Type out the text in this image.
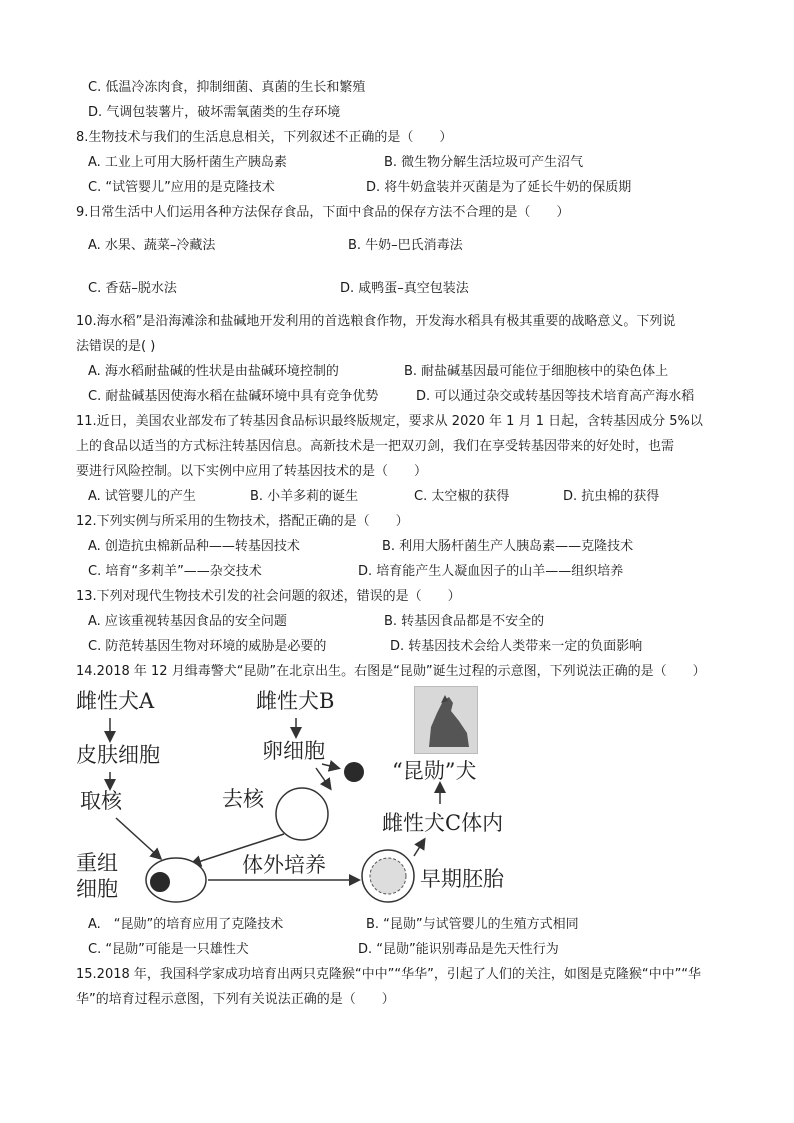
C. 低温冷冻肉食，抑制细菌、真菌的生长和繁殖
D. 气调包装薯片，破坏需氧菌类的生存环境
8.生物技术与我们的生活息息相关，下列叙述不正确的是（　　）
A. 工业上可用大肠杆菌生产胰岛素	B. 微生物分解生活垃圾可产生沼气
C. “试管婴儿”应用的是克隆技术	D. 将牛奶盒装并灭菌是为了延长牛奶的保质期
9.日常生活中人们运用各种方法保存食品，下面中食品的保存方法不合理的是（　　）
A. 水果、蔬菜–冷藏法	B. 牛奶–巴氏消毒法
C. 香菇–脱水法	D. 咸鸭蛋–真空包装法
10.海水稻”是沿海滩涂和盐碱地开发利用的首选粮食作物，开发海水稻具有极其重要的战略意义。下列说
法错误的是( )
A. 海水稻耐盐碱的性状是由盐碱环境控制的	B. 耐盐碱基因最可能位于细胞核中的染色体上
C. 耐盐碱基因使海水稻在盐碱环境中具有竞争优势	D. 可以通过杂交或转基因等技术培育高产海水稻
11.近日，美国农业部发布了转基因食品标识最终版规定，要求从 2020 年 1 月 1 日起，含转基因成分 5%以
上的食品以适当的方式标注转基因信息。高新技术是一把双刃剑，我们在享受转基因带来的好处时，也需
要进行风险控制。以下实例中应用了转基因技术的是（　　）
A. 试管婴儿的产生	B. 小羊多莉的诞生	C. 太空椒的获得	D. 抗虫棉的获得
12.下列实例与所采用的生物技术，搭配正确的是（　　）
A. 创造抗虫棉新品种——转基因技术	B. 利用大肠杆菌生产人胰岛素——克隆技术
C. 培育“多莉羊”——杂交技术	D. 培育能产生人凝血因子的山羊——组织培养
13.下列对现代生物技术引发的社会问题的叙述，错误的是（　　）
A. 应该重视转基因食品的安全问题	B. 转基因食品都是不安全的
C. 防范转基因生物对环境的威胁是必要的	D. 转基因技术会给人类带来一定的负面影响
14.2018 年 12 月缉毒警犬“昆勋”在北京出生。右图是“昆勋”诞生过程的示意图，下列说法正确的是（　　）
雌性犬A
皮肤细胞
取核
雌性犬B
卵细胞
去核
重组
细胞
体外培养
早期胚胎
雌性犬C体内
“昆勋”犬
A.　“昆勋”的培育应用了克隆技术	B. “昆勋”与试管婴儿的生殖方式相同
C. “昆勋”可能是一只雄性犬	D. “昆勋”能识别毒品是先天性行为
15.2018 年，我国科学家成功培育出两只克隆猴“中中”“华华”，引起了人们的关注，如图是克隆猴“中中”“华
华”的培育过程示意图，下列有关说法正确的是（　　）
